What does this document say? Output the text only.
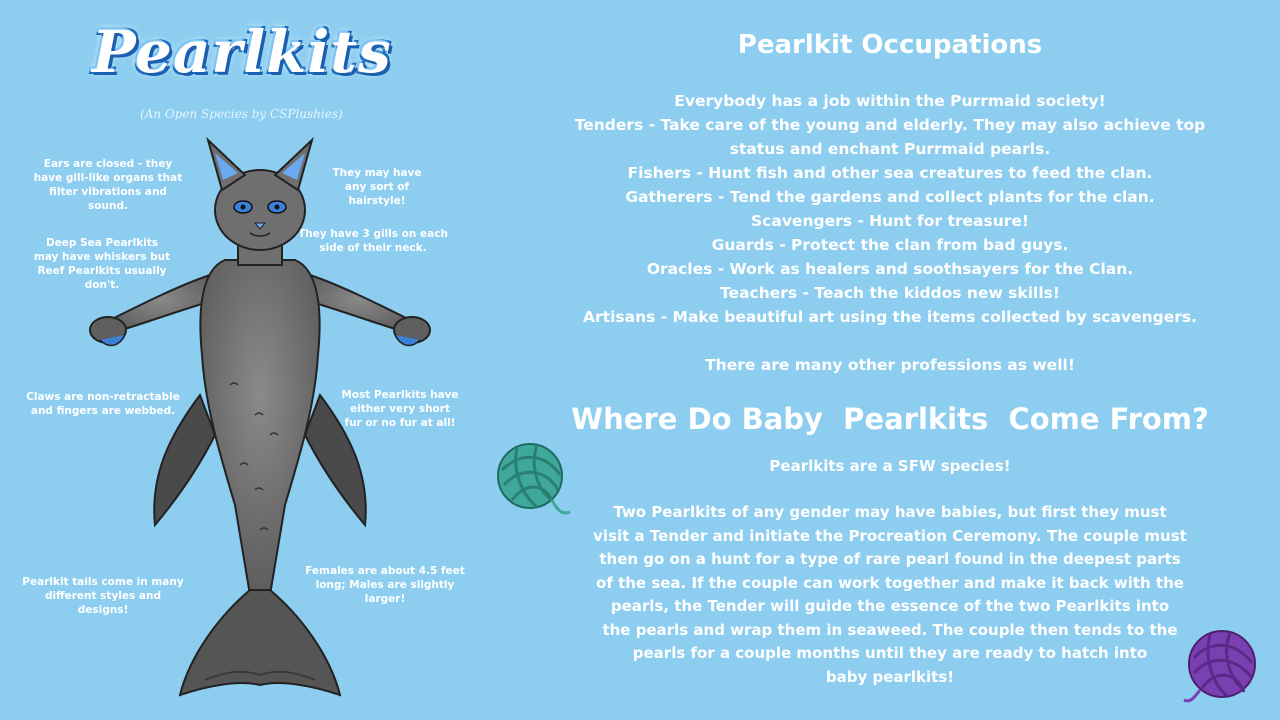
Pearlkits
(An Open Species by CSPlushies)
Ears are closed - they have gill-like organs that filter vibrations and sound.
They may have any sort of hairstyle!
Deep Sea Pearlkits may have whiskers but Reef Pearlkits usually don't.
They have 3 gills on each side of their neck.
Claws are non-retractable and fingers are webbed.
Most Pearlkits have either very short fur or no fur at all!
Pearlkit tails come in many different styles and designs!
Females are about 4.5 feet long; Males are slightly larger!
Pearlkit Occupations
Everybody has a job within the Purrmaid society!
Tenders - Take care of the young and elderly. They may also achieve top
status and enchant Purrmaid pearls.
Fishers - Hunt fish and other sea creatures to feed the clan.
Gatherers - Tend the gardens and collect plants for the clan.
Scavengers - Hunt for treasure!
Guards - Protect the clan from bad guys.
Oracles - Work as healers and soothsayers for the Clan.
Teachers - Teach the kiddos new skills!
Artisans - Make beautiful art using the items collected by scavengers.
There are many other professions as well!
Where Do Baby  Pearlkits  Come From?
Pearlkits are a SFW species!
Two Pearlkits of any gender may have babies, but first they must
visit a Tender and initiate the Procreation Ceremony. The couple must
then go on a hunt for a type of rare pearl found in the deepest parts
of the sea. If the couple can work together and make it back with the
pearls, the Tender will guide the essence of the two Pearlkits into
the pearls and wrap them in seaweed. The couple then tends to the
pearls for a couple months until they are ready to hatch into
baby pearlkits!
